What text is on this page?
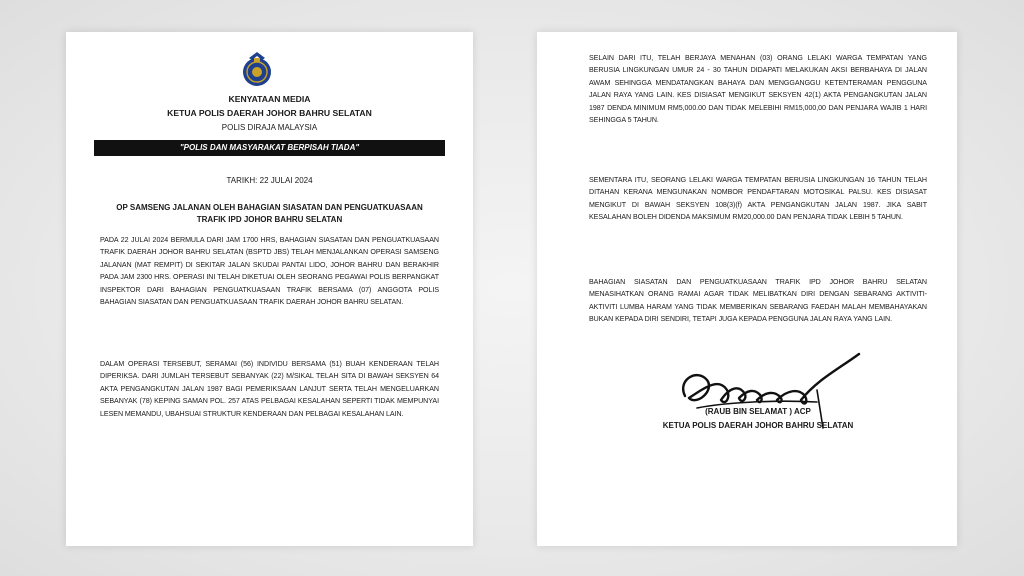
KENYATAAN MEDIA
KETUA POLIS DAERAH JOHOR BAHRU SELATAN
POLIS DIRAJA MALAYSIA
"POLIS DAN MASYARAKAT BERPISAH TIADA"
TARIKH: 22 JULAI 2024
OP SAMSENG JALANAN OLEH BAHAGIAN SIASATAN DAN PENGUATKUASAAN
TRAFIK IPD JOHOR BAHRU SELATAN

PADA 22 JULAI 2024 BERMULA DARI JAM 1700 HRS, BAHAGIAN SIASATAN DAN PENGUATKUASAAN TRAFIK DAERAH JOHOR BAHRU SELATAN (BSPTD JBS) TELAH MENJALANKAN OPERASI SAMSENG JALANAN (MAT REMPIT) DI SEKITAR JALAN SKUDAI PANTAI LIDO, JOHOR BAHRU DAN BERAKHIR PADA JAM 2300 HRS. OPERASI INI TELAH DIKETUAI OLEH SEORANG PEGAWAI POLIS BERPANGKAT INSPEKTOR DARI BAHAGIAN PENGUATKUASAAN TRAFIK BERSAMA (07) ANGGOTA POLIS BAHAGIAN SIASATAN DAN PENGUATKUASAAN TRAFIK DAERAH JOHOR BAHRU SELATAN.

DALAM OPERASI TERSEBUT, SERAMAI (56) INDIVIDU BERSAMA (51) BUAH KENDERAAN TELAH DIPERIKSA. DARI JUMLAH TERSEBUT SEBANYAK (22) M/SIKAL TELAH SITA DI BAWAH SEKSYEN 64 AKTA PENGANGKUTAN JALAN 1987 BAGI PEMERIKSAAN LANJUT SERTA TELAH MENGELUARKAN SEBANYAK (78) KEPING SAMAN POL. 257 ATAS PELBAGAI KESALAHAN SEPERTI TIDAK MEMPUNYAI LESEN MEMANDU, UBAHSUAI STRUKTUR KENDERAAN DAN PELBAGAI KESALAHAN LAIN.

SELAIN DARI ITU, TELAH BERJAYA MENAHAN (03) ORANG LELAKI WARGA TEMPATAN YANG BERUSIA LINGKUNGAN UMUR 24 - 30 TAHUN DIDAPATI MELAKUKAN AKSI BERBAHAYA DI JALAN AWAM SEHINGGA MENDATANGKAN BAHAYA DAN MENGGANGGU KETENTERAMAN PENGGUNA JALAN RAYA YANG LAIN. KES DISIASAT MENGIKUT SEKSYEN 42(1) AKTA PENGANGKUTAN JALAN 1987 DENDA MINIMUM RM5,000.00 DAN TIDAK MELEBIHI RM15,000,00 DAN PENJARA WAJIB 1 HARI SEHINGGA 5 TAHUN.

SEMENTARA ITU, SEORANG LELAKI WARGA TEMPATAN BERUSIA LINGKUNGAN 16 TAHUN TELAH DITAHAN KERANA MENGUNAKAN NOMBOR PENDAFTARAN MOTOSIKAL PALSU. KES DISIASAT MENGIKUT DI BAWAH SEKSYEN 108(3)(f) AKTA PENGANGKUTAN JALAN 1987. JIKA SABIT KESALAHAN BOLEH DIDENDA MAKSIMUM RM20,000.00 DAN PENJARA TIDAK LEBIH 5 TAHUN.

BAHAGIAN SIASATAN DAN PENGUATKUASAAN TRAFIK IPD JOHOR BAHRU SELATAN MENASIHATKAN ORANG RAMAI AGAR TIDAK MELIBATKAN DIRI DENGAN SEBARANG AKTIVITI-AKTIVITI LUMBA HARAM YANG TIDAK MEMBERIKAN SEBARANG FAEDAH MALAH MEMBAHAYAKAN BUKAN KEPADA DIRI SENDIRI, TETAPI JUGA KEPADA PENGGUNA JALAN RAYA YANG LAIN.

(RAUB BIN SELAMAT ) ACP
KETUA POLIS DAERAH JOHOR BAHRU SELATAN
